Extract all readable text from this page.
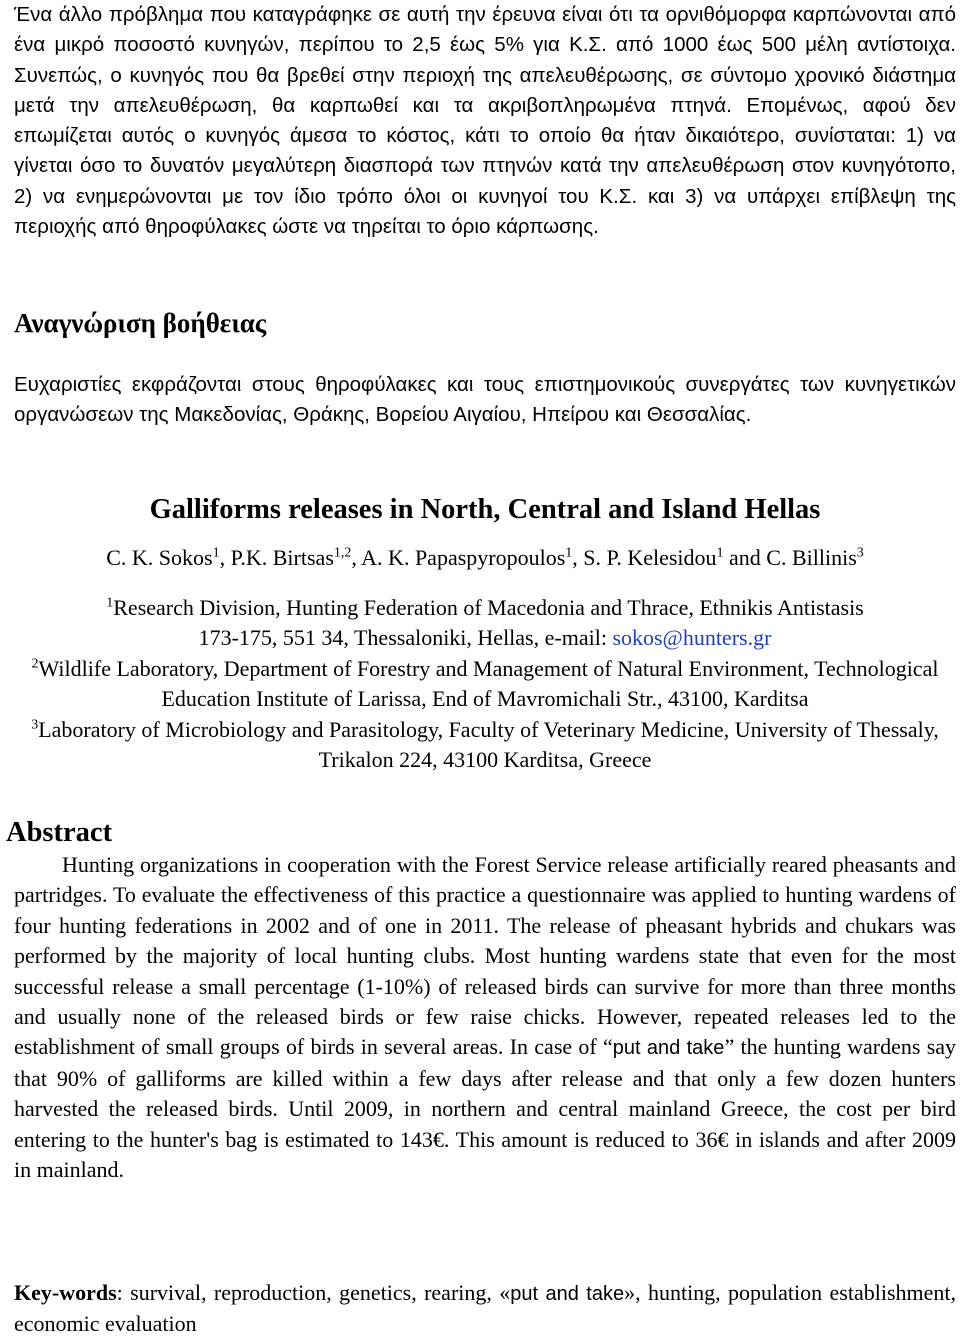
Ένα άλλο πρόβλημα που καταγράφηκε σε αυτή την έρευνα είναι ότι τα ορνιθόμορφα καρπώνονται από ένα μικρό ποσοστό κυνηγών, περίπου το 2,5 έως 5% για Κ.Σ. από 1000 έως 500 μέλη αντίστοιχα. Συνεπώς, ο κυνηγός που θα βρεθεί στην περιοχή της απελευθέρωσης, σε σύντομο χρονικό διάστημα μετά την απελευθέρωση, θα καρπωθεί και τα ακριβοπληρωμένα πτηνά. Επομένως, αφού δεν επωμίζεται αυτός ο κυνηγός άμεσα το κόστος, κάτι το οποίο θα ήταν δικαιότερο, συνίσταται: 1) να γίνεται όσο το δυνατόν μεγαλύτερη διασπορά των πτηνών κατά την απελευθέρωση στον κυνηγότοπο, 2) να ενημερώνονται με τον ίδιο τρόπο όλοι οι κυνηγοί του Κ.Σ. και 3) να υπάρχει επίβλεψη της περιοχής από θηροφύλακες ώστε να τηρείται το όριο κάρπωσης.

Αναγνώριση βοήθειας

Ευχαριστίες εκφράζονται στους θηροφύλακες και τους επιστημονικούς συνεργάτες των κυνηγετικών οργανώσεων της Μακεδονίας, Θράκης, Βορείου Αιγαίου, Ηπείρου και Θεσσαλίας.

Galliforms releases in North, Central and Island Hellas

C. K. Sokos$^1$, P.K. Birtsas$^{1,2}$, A. K. Papaspyropoulos$^1$, S. P. Kelesidou$^1$ and C. Billinis$^3$

$^1$Research Division, Hunting Federation of Macedonia and Thrace, Ethnikis Antistasis
173-175, 551 34, Thessaloniki, Hellas, e-mail: sokos@hunters.gr

$^2$Wildlife Laboratory, Department of Forestry and Management of Natural Environment, Technological Education Institute of Larissa, End of Mavromichali Str., 43100, Karditsa

$^3$Laboratory of Microbiology and Parasitology, Faculty of Veterinary Medicine, University of Thessaly, Trikalon 224, 43100 Karditsa, Greece

Abstract

Hunting organizations in cooperation with the Forest Service release artificially reared pheasants and partridges. To evaluate the effectiveness of this practice a questionnaire was applied to hunting wardens of four hunting federations in 2002 and of one in 2011. The release of pheasant hybrids and chukars was performed by the majority of local hunting clubs. Most hunting wardens state that even for the most successful release a small percentage (1-10%) of released birds can survive for more than three months and usually none of the released birds or few raise chicks. However, repeated releases led to the establishment of small groups of birds in several areas. In case of “put and take” the hunting wardens say that 90% of galliforms are killed within a few days after release and that only a few dozen hunters harvested the released birds. Until 2009, in northern and central mainland Greece, the cost per bird entering to the hunter's bag is estimated to 143€. This amount is reduced to 36€ in islands and after 2009 in mainland.

Key-words: survival, reproduction, genetics, rearing, «put and take», hunting, population establishment, economic evaluation
